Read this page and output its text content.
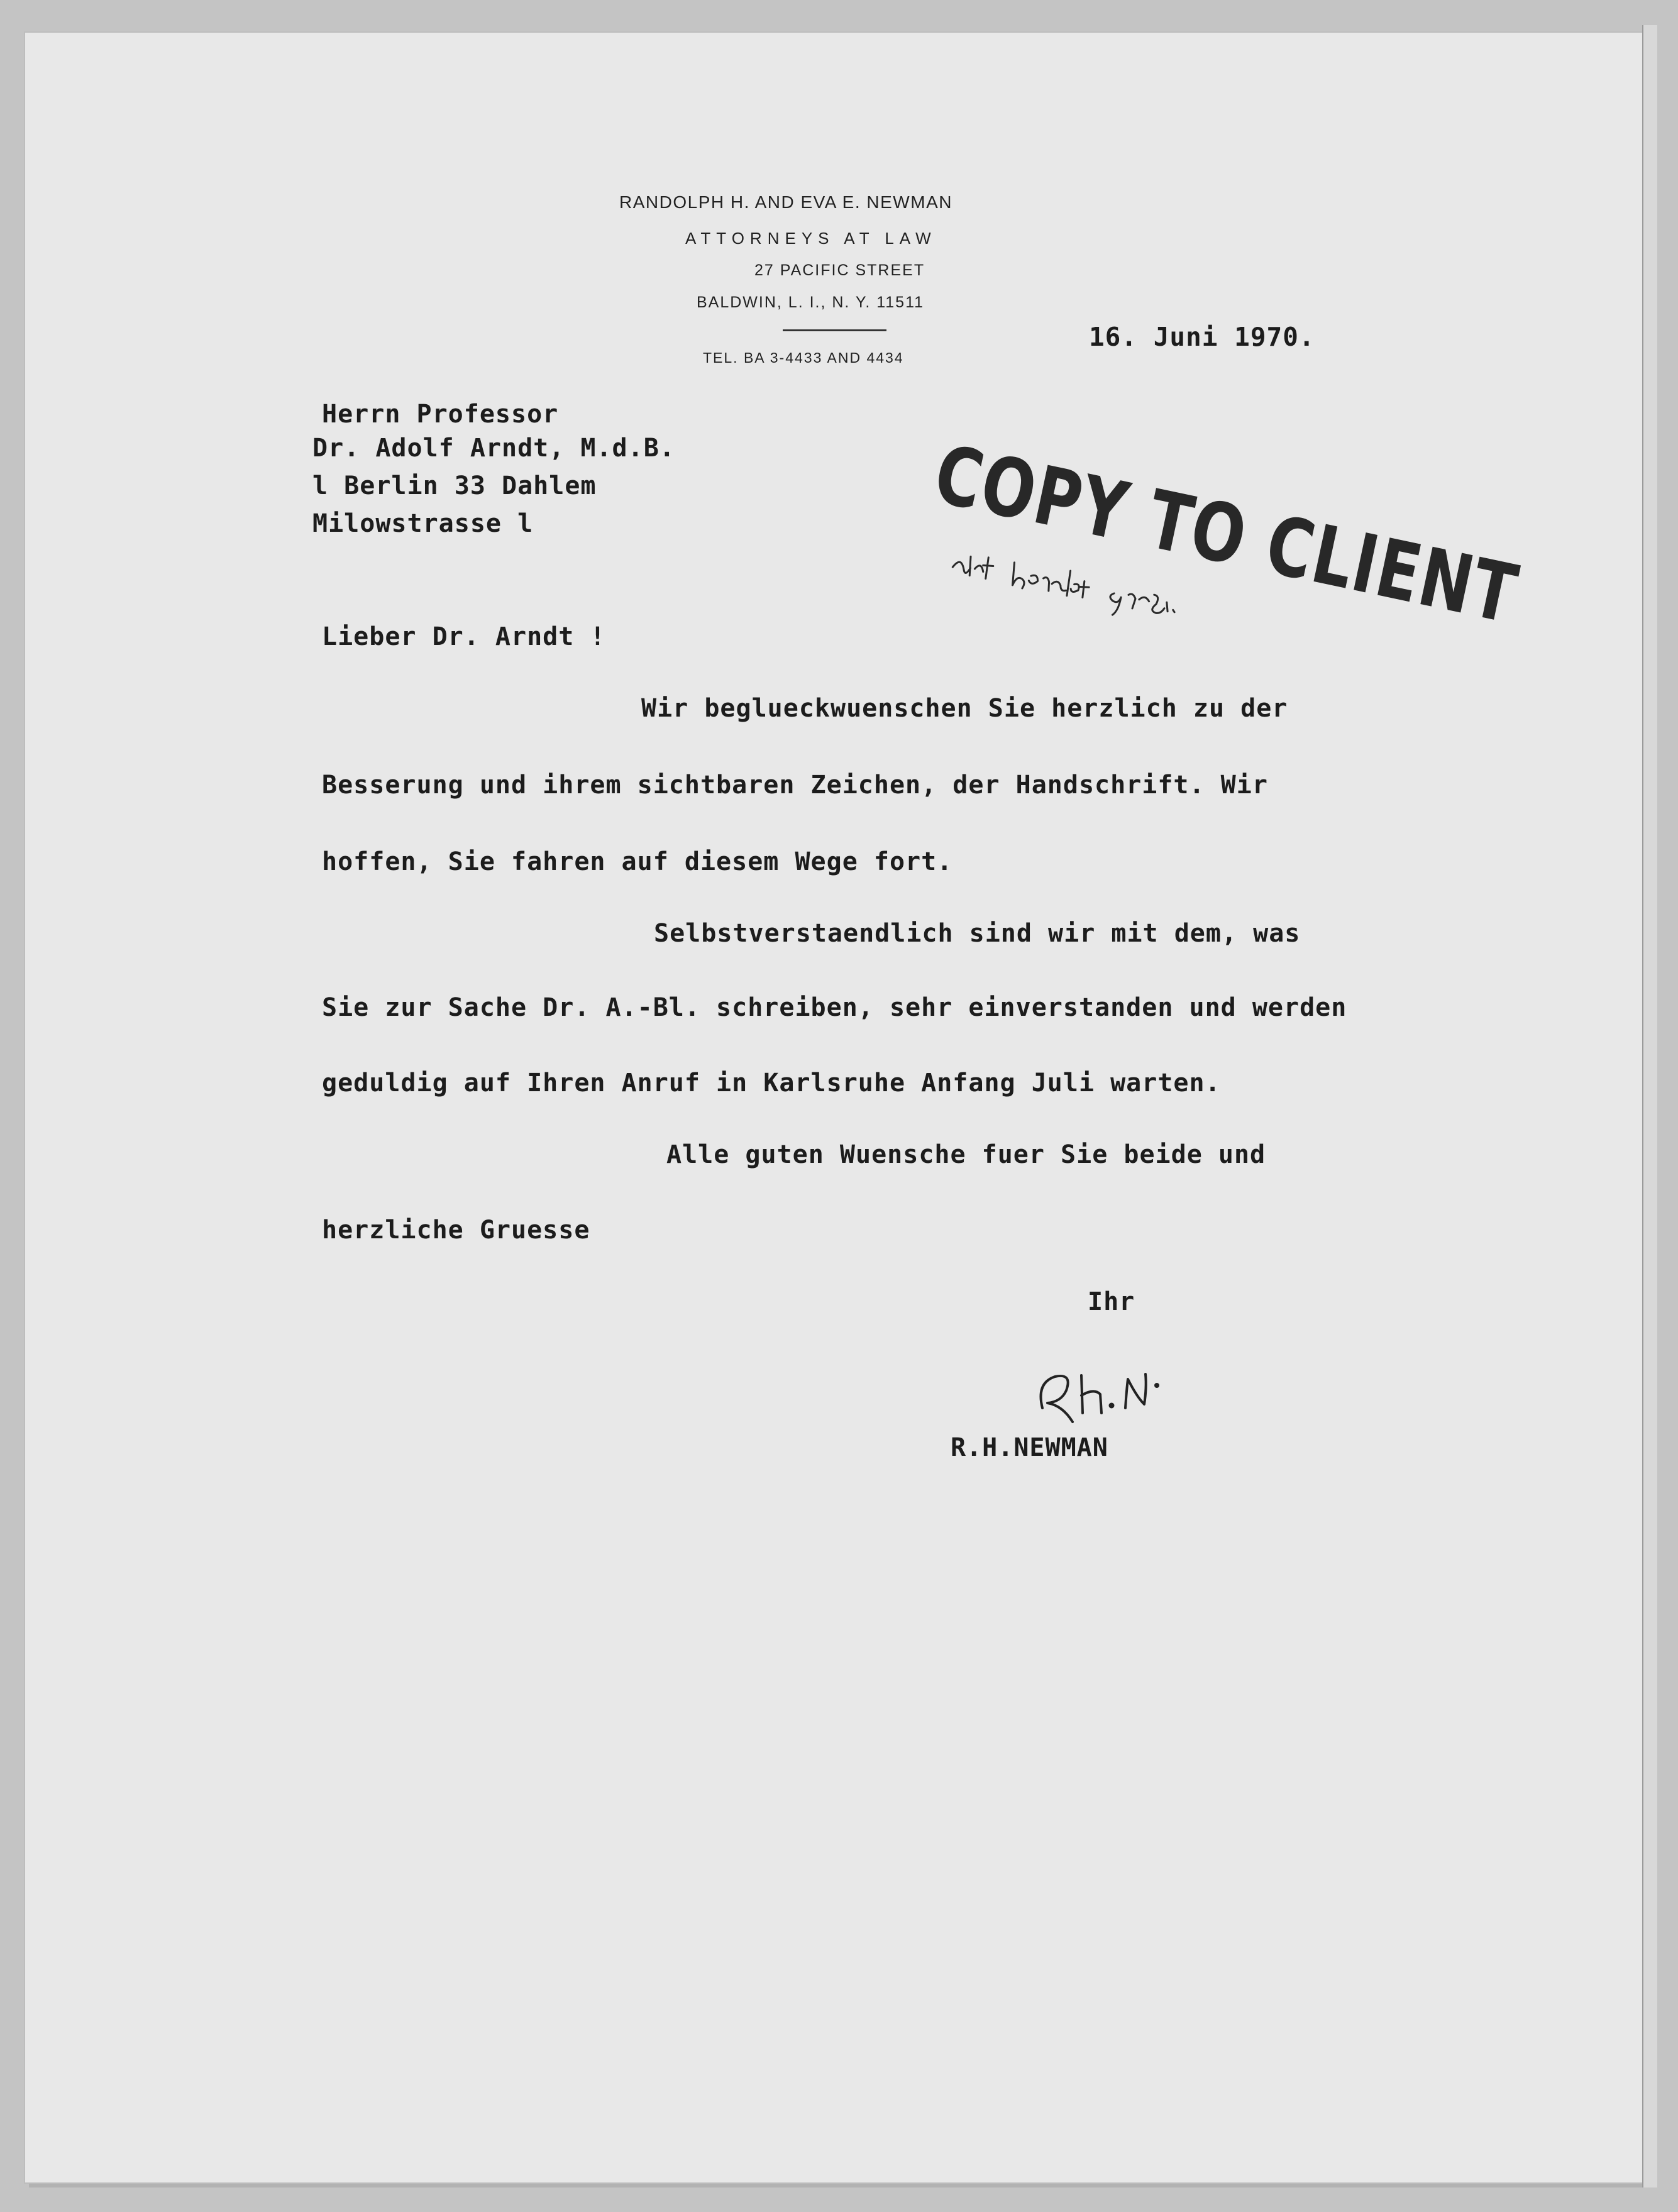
RANDOLPH H. AND EVA E. NEWMAN
ATTORNEYS AT LAW
27 PACIFIC STREET
BALDWIN, L. I., N. Y. 11511
TEL. BA 3-4433 AND 4434
16. Juni 1970.
Herrn Professor
Dr. Adolf Arndt, M.d.B.
l Berlin 33 Dahlem
Milowstrasse l	COPY TO CLIENT
Lieber Dr. Arndt !
Wir beglueckwuenschen Sie herzlich zu der
Besserung und ihrem sichtbaren Zeichen, der Handschrift. Wir
hoffen, Sie fahren auf diesem Wege fort.
Selbstverstaendlich sind wir mit dem, was
Sie zur Sache Dr. A.-Bl. schreiben, sehr einverstanden und werden
geduldig auf Ihren Anruf in Karlsruhe Anfang Juli warten.
Alle guten Wuensche fuer Sie beide und
herzliche Gruesse
Ihr
R.H.NEWMAN
